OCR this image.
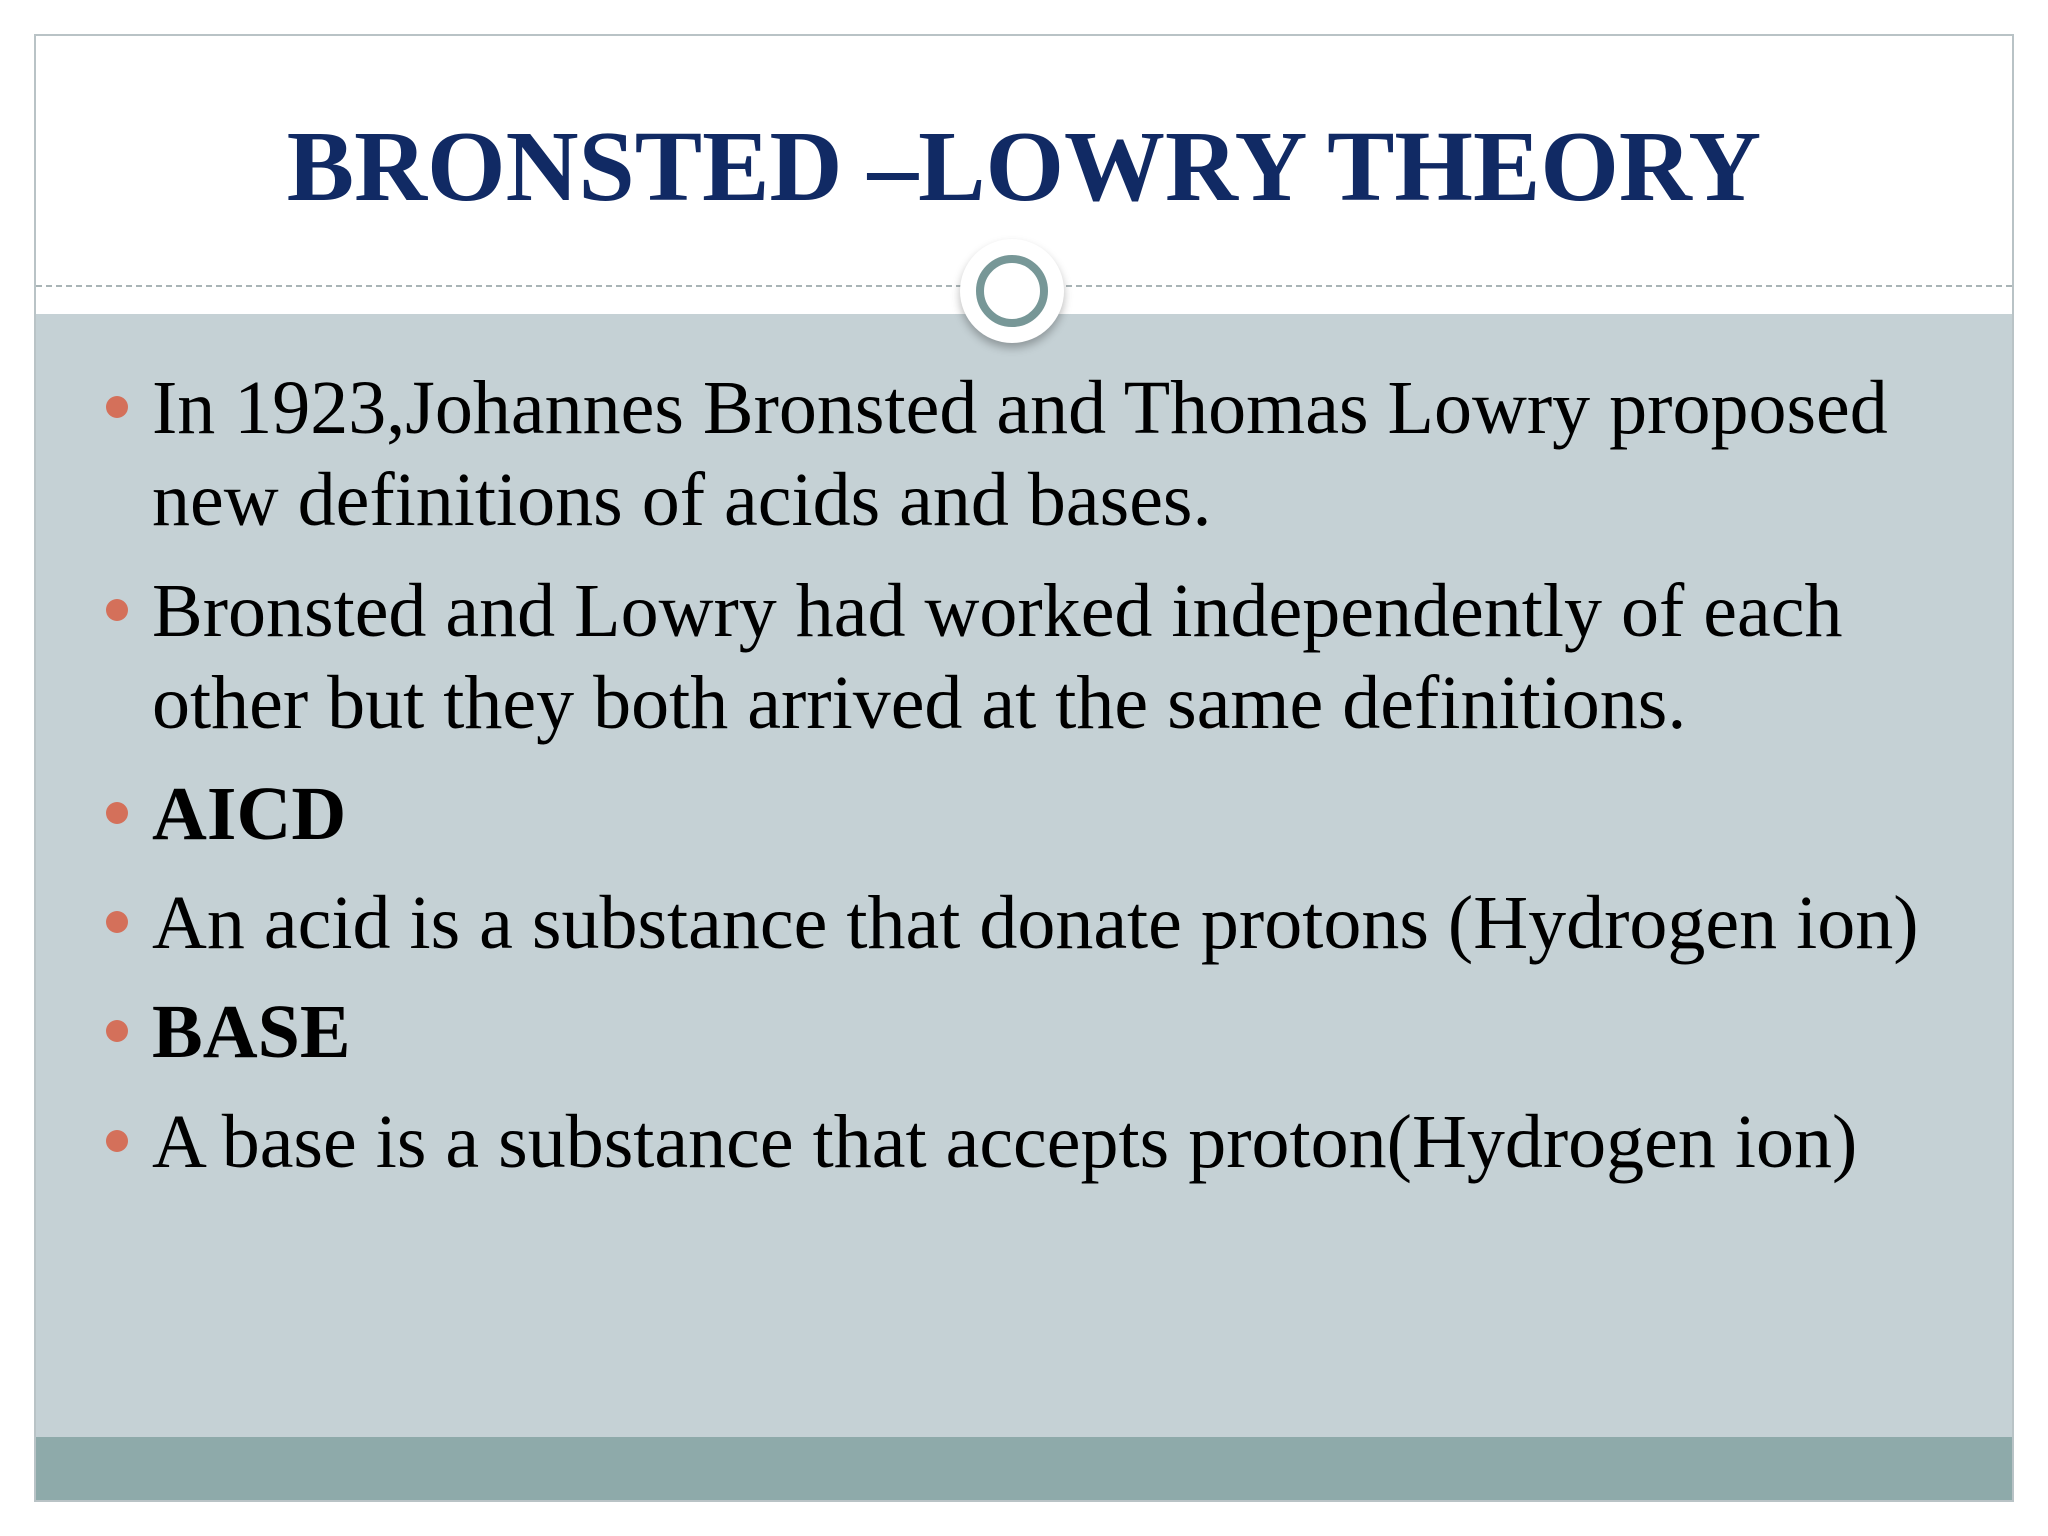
BRONSTED –LOWRY THEORY
In 1923,Johannes Bronsted and Thomas Lowry proposed new definitions of acids and bases.
Bronsted and Lowry had worked independently of each other but they both arrived at the same definitions.
AICD
An acid is a substance that donate protons (Hydrogen ion)
BASE
A base is a substance that accepts proton(Hydrogen ion)
